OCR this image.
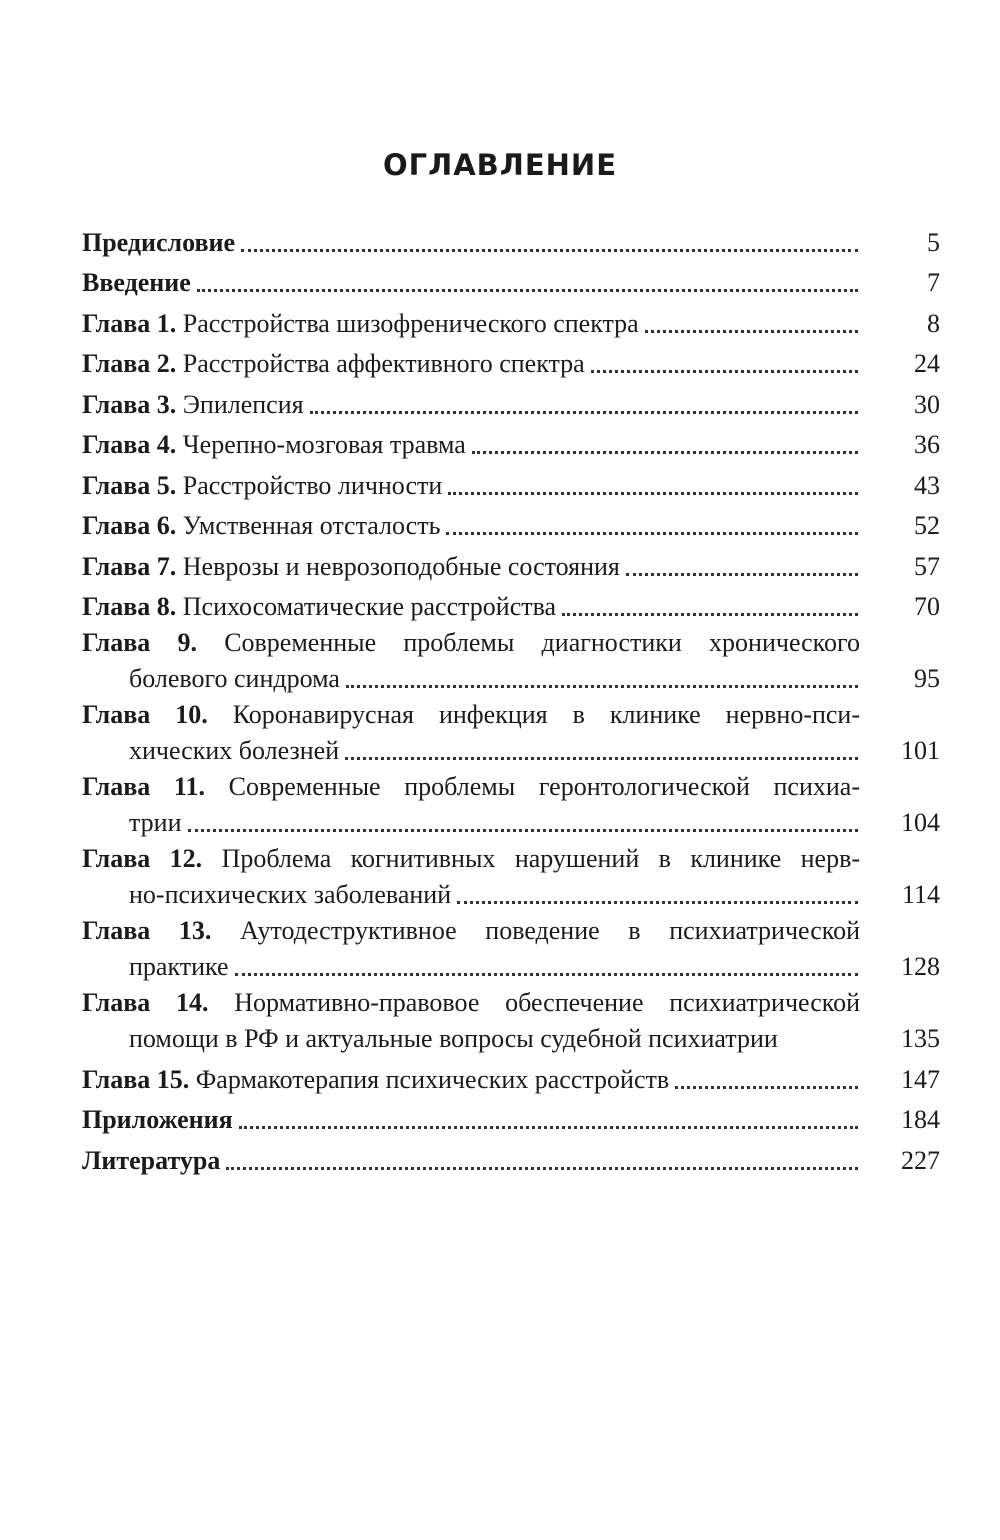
ОГЛАВЛЕНИЕ
Предисловие	5
Введение	7
Глава 1. Расстройства шизофренического спектра	8
Глава 2. Расстройства аффективного спектра	24
Глава 3. Эпилепсия	30
Глава 4. Черепно-мозговая травма	36
Глава 5. Расстройство личности	43
Глава 6. Умственная отсталость	52
Глава 7. Неврозы и неврозоподобные состояния	57
Глава 8. Психосоматические расстройства	70
Глава 9. Современные проблемы диагностики хронического
болевого синдрома	95
Глава 10. Коронавирусная инфекция в клинике нервно-пси-
хических болезней	101
Глава 11. Современные проблемы геронтологической психиа-
трии	104
Глава 12. Проблема когнитивных нарушений в клинике нерв-
но-психических заболеваний	114
Глава 13. Аутодеструктивное поведение в психиатрической
практике	128
Глава 14. Нормативно-правовое обеспечение психиатрической
помощи в РФ и актуальные вопросы судебной психиатрии	135
Глава 15. Фармакотерапия психических расстройств	147
Приложения	184
Литература	227
